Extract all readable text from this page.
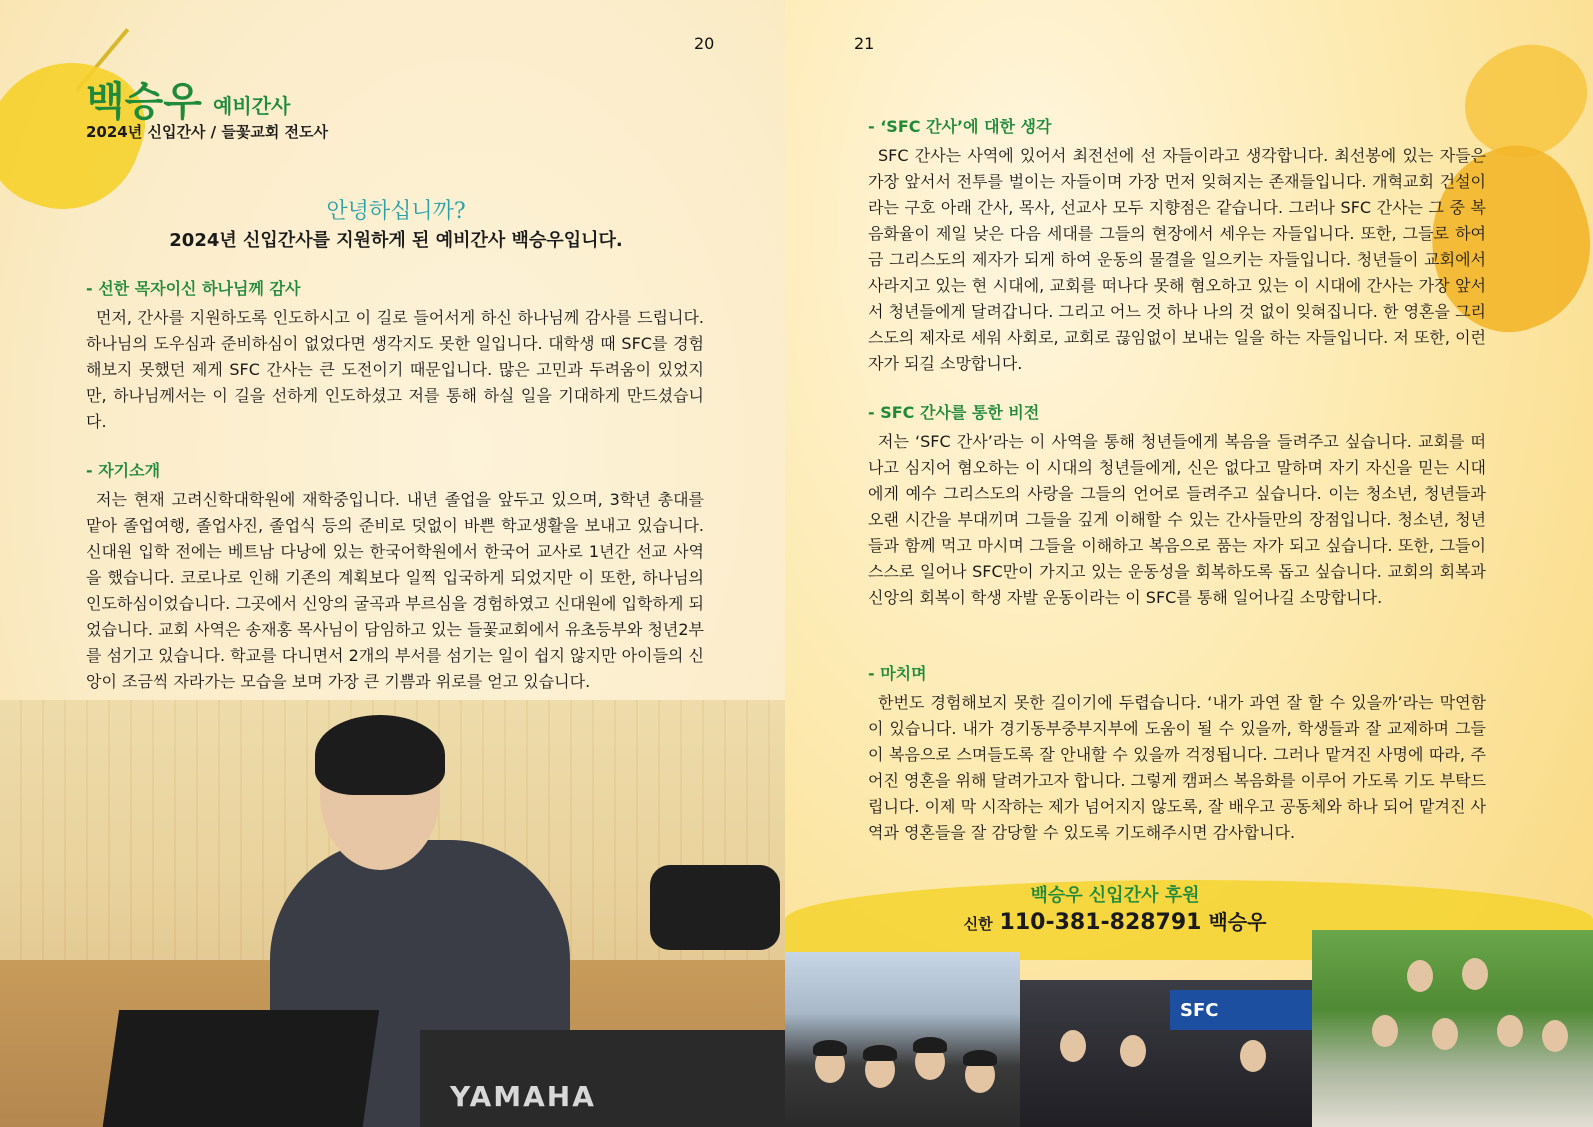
20	21
백승우 예비간사
2024년 신입간사 / 들꽃교회 전도사
안녕하십니까?
2024년 신입간사를 지원하게 된 예비간사 백승우입니다.
- 선한 목자이신 하나님께 감사

먼저, 간사를 지원하도록 인도하시고 이 길로 들어서게 하신 하나님께 감사를 드립니다. 하나님의 도우심과 준비하심이 없었다면 생각지도 못한 일입니다. 대학생 때 SFC를 경험해보지 못했던 제게 SFC 간사는 큰 도전이기 때문입니다. 많은 고민과 두려움이 있었지만, 하나님께서는 이 길을 선하게 인도하셨고 저를 통해 하실 일을 기대하게 만드셨습니다.

- 자기소개

저는 현재 고려신학대학원에 재학중입니다. 내년 졸업을 앞두고 있으며, 3학년 총대를 맡아 졸업여행, 졸업사진, 졸업식 등의 준비로 덧없이 바쁜 학교생활을 보내고 있습니다. 신대원 입학 전에는 베트남 다낭에 있는 한국어학원에서 한국어 교사로 1년간 선교 사역을 했습니다. 코로나로 인해 기존의 계획보다 일찍 입국하게 되었지만 이 또한, 하나님의 인도하심이었습니다. 그곳에서 신앙의 굴곡과 부르심을 경험하였고 신대원에 입학하게 되었습니다. 교회 사역은 송재홍 목사님이 담임하고 있는 들꽃교회에서 유초등부와 청년2부를 섬기고 있습니다. 학교를 다니면서 2개의 부서를 섬기는 일이 쉽지 않지만 아이들의 신앙이 조금씩 자라가는 모습을 보며 가장 큰 기쁨과 위로를 얻고 있습니다.

- ‘SFC 간사’에 대한 생각

SFC 간사는 사역에 있어서 최전선에 선 자들이라고 생각합니다. 최선봉에 있는 자들은 가장 앞서서 전투를 벌이는 자들이며 가장 먼저 잊혀지는 존재들입니다. 개혁교회 건설이라는 구호 아래 간사, 목사, 선교사 모두 지향점은 같습니다. 그러나 SFC 간사는 그 중 복음화율이 제일 낮은 다음 세대를 그들의 현장에서 세우는 자들입니다. 또한, 그들로 하여금 그리스도의 제자가 되게 하여 운동의 물결을 일으키는 자들입니다. 청년들이 교회에서 사라지고 있는 현 시대에, 교회를 떠나다 못해 혐오하고 있는 이 시대에 간사는 가장 앞서서 청년들에게 달려갑니다. 그리고 어느 것 하나 나의 것 없이 잊혀집니다. 한 영혼을 그리스도의 제자로 세워 사회로, 교회로 끊임없이 보내는 일을 하는 자들입니다. 저 또한, 이런 자가 되길 소망합니다.

- SFC 간사를 통한 비전

저는 ‘SFC 간사’라는 이 사역을 통해 청년들에게 복음을 들려주고 싶습니다. 교회를 떠나고 심지어 혐오하는 이 시대의 청년들에게, 신은 없다고 말하며 자기 자신을 믿는 시대에게 예수 그리스도의 사랑을 그들의 언어로 들려주고 싶습니다. 이는 청소년, 청년들과 오랜 시간을 부대끼며 그들을 깊게 이해할 수 있는 간사들만의 장점입니다. 청소년, 청년들과 함께 먹고 마시며 그들을 이해하고 복음으로 품는 자가 되고 싶습니다. 또한, 그들이 스스로 일어나 SFC만이 가지고 있는 운동성을 회복하도록 돕고 싶습니다. 교회의 회복과 신앙의 회복이 학생 자발 운동이라는 이 SFC를 통해 일어나길 소망합니다.

- 마치며

한번도 경험해보지 못한 길이기에 두렵습니다. ‘내가 과연 잘 할 수 있을까’라는 막연함이 있습니다. 내가 경기동부중부지부에 도움이 될 수 있을까, 학생들과 잘 교제하며 그들이 복음으로 스며들도록 잘 안내할 수 있을까 걱정됩니다. 그러나 맡겨진 사명에 따라, 주어진 영혼을 위해 달려가고자 합니다. 그렇게 캠퍼스 복음화를 이루어 가도록 기도 부탁드립니다. 이제 막 시작하는 제가 넘어지지 않도록, 잘 배우고 공동체와 하나 되어 맡겨진 사역과 영혼들을 잘 감당할 수 있도록 기도해주시면 감사합니다.

백승우 신입간사 후원
신한 110-381-828791 백승우
YAMAHA
SFC
